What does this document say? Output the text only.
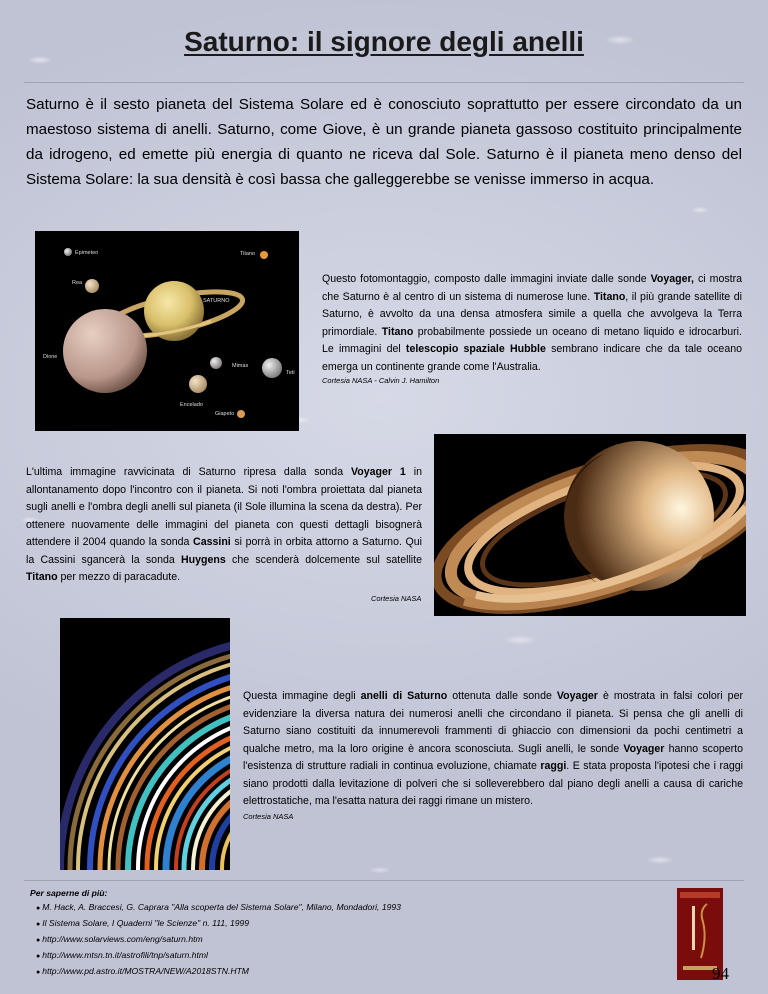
Saturno: il signore degli anelli

Saturno è il sesto pianeta del Sistema Solare ed è conosciuto soprattutto per essere circondato da un maestoso sistema di anelli. Saturno, come Giove, è un grande pianeta gassoso costituito principalmente da idrogeno, ed emette più energia di quanto ne riceva dal Sole. Saturno è il pianeta meno denso del Sistema Solare: la sua densità è così bassa che galleggerebbe se venisse immerso in acqua.

Epimeteo	Titano
Rea
SATURNO
Dione
Mimas
Teti
Encelado
Giapeto

Questo fotomontaggio, composto dalle immagini inviate dalle sonde Voyager, ci mostra che Saturno è al centro di un sistema di numerose lune. Titano, il più grande satellite di Saturno, è avvolto da una densa atmosfera simile a quella che avvolgeva la Terra primordiale. Titano probabilmente possiede un oceano di metano liquido e idrocarburi. Le immagini del telescopio spaziale Hubble sembrano indicare che da tale oceano emerga un continente grande come l'Australia.

Cortesia NASA - Calvin J. Hamilton

L'ultima immagine ravvicinata di Saturno ripresa dalla sonda Voyager 1 in allontanamento dopo l'incontro con il pianeta. Si noti l'ombra proiettata dal pianeta sugli anelli e l'ombra degli anelli sul pianeta (il Sole illumina la scena da destra). Per ottenere nuovamente delle immagini del pianeta con questi dettagli bisognerà attendere il 2004 quando la sonda Cassini si porrà in orbita attorno a Saturno. Qui la Cassini sgancerà la sonda Huygens che scenderà dolcemente sul satellite Titano per mezzo di paracadute.

Cortesia NASA

Questa immagine degli anelli di Saturno ottenuta dalle sonde Voyager è mostrata in falsi colori per evidenziare la diversa natura dei numerosi anelli che circondano il pianeta. Si pensa che gli anelli di Saturno siano costituiti da innumerevoli frammenti di ghiaccio con dimensioni da pochi centimetri a qualche metro, ma la loro origine è ancora sconosciuta. Sugli anelli, le sonde Voyager hanno scoperto l'esistenza di strutture radiali in continua evoluzione, chiamate raggi. E stata proposta l'ipotesi che i raggi siano prodotti dalla levitazione di polveri che si solleverebbero dal piano degli anelli a causa di cariche elettrostatiche, ma l'esatta natura dei raggi rimane un mistero.

Cortesia NASA
Per saperne di più:
● M. Hack, A. Braccesi, G. Caprara "Alla scoperta del Sistema Solare", Milano, Mondadori, 1993
● Il Sistema Solare, I Quaderni "le Scienze" n. 111, 1999
● http://www.solarviews.com/eng/saturn.htm
● http://www.mtsn.tn.it/astrofili/tnp/saturn.html
● http://www.pd.astro.it/MOSTRA/NEW/A2018STN.HTM	94
